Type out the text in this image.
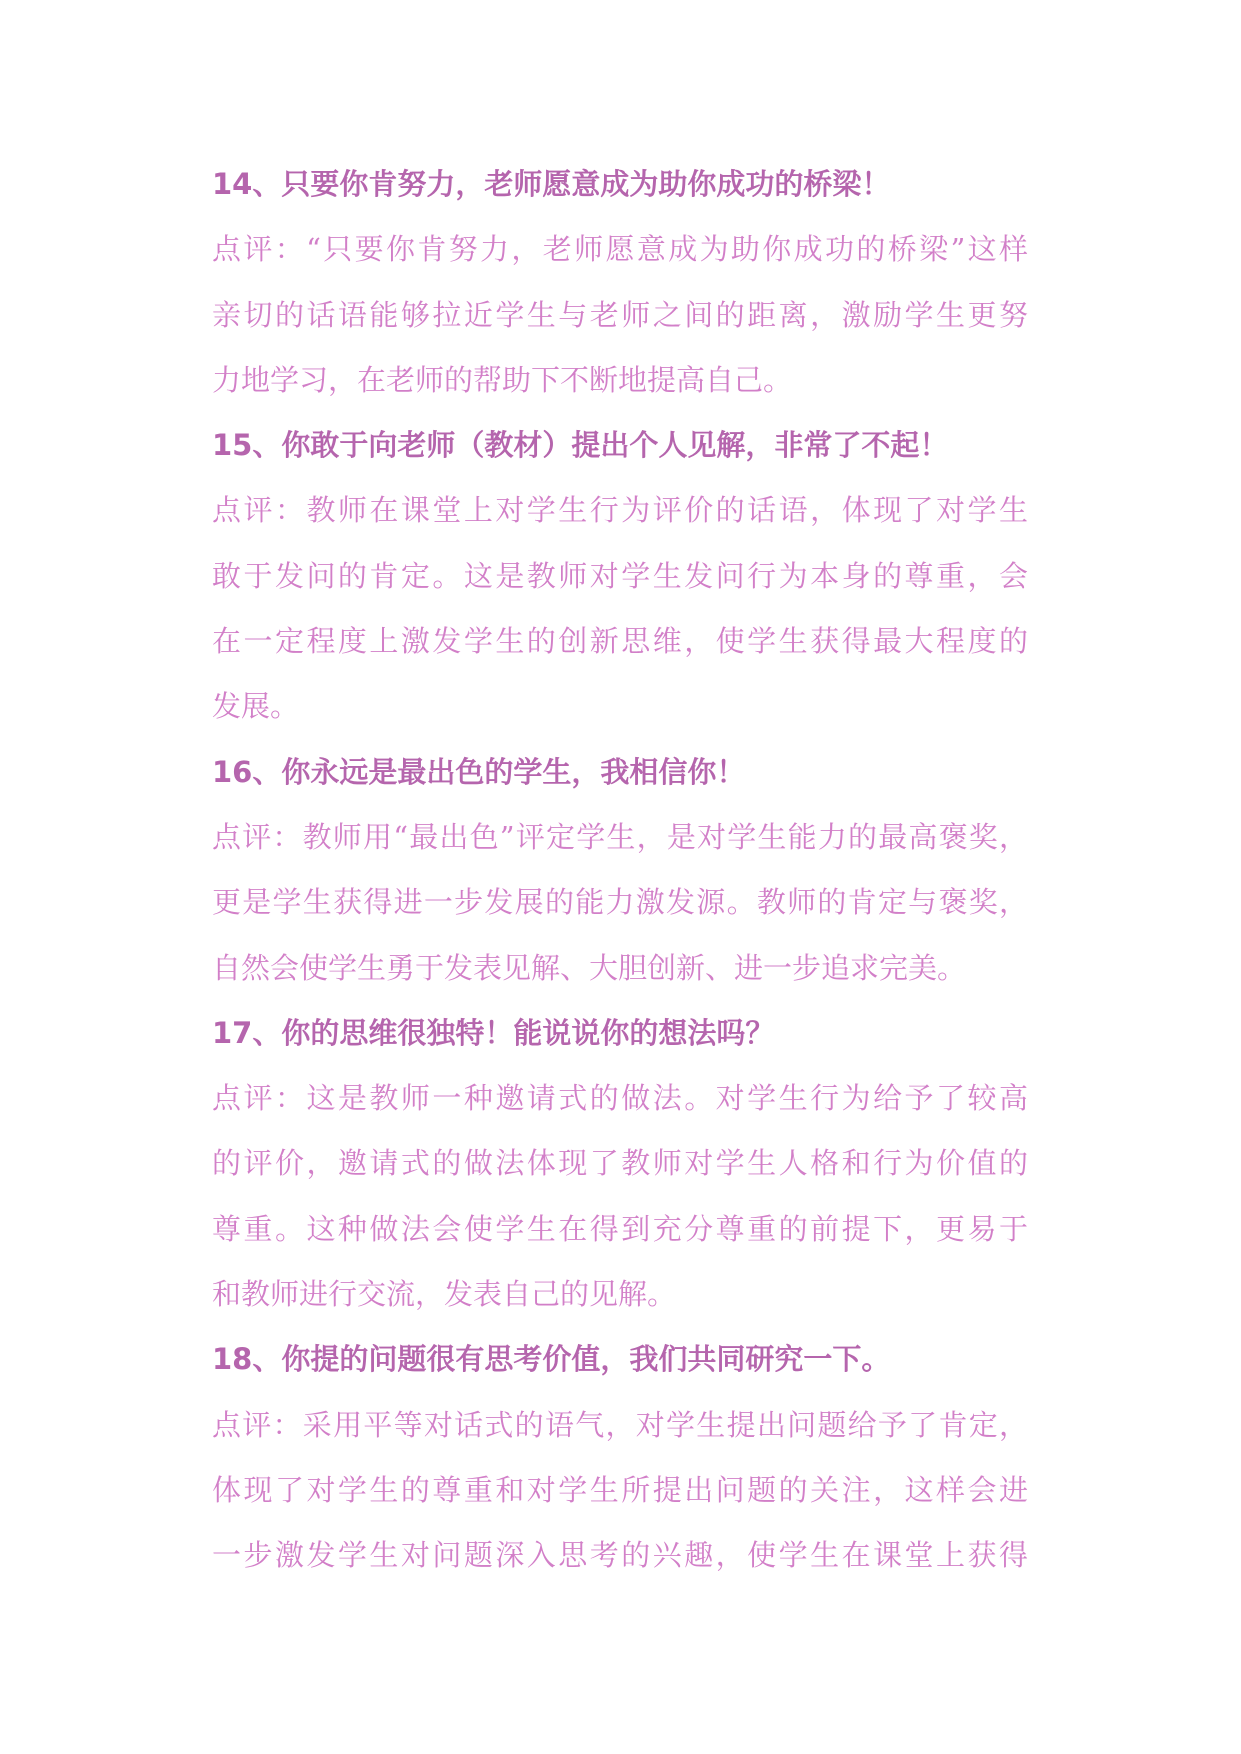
14、只要你肯努力，老师愿意成为助你成功的桥梁！
点评：“只要你肯努力，老师愿意成为助你成功的桥梁”这样
亲切的话语能够拉近学生与老师之间的距离，激励学生更努
力地学习，在老师的帮助下不断地提高自己。
15、你敢于向老师（教材）提出个人见解，非常了不起！
点评：教师在课堂上对学生行为评价的话语，体现了对学生
敢于发问的肯定。这是教师对学生发问行为本身的尊重，会
在一定程度上激发学生的创新思维，使学生获得最大程度的
发展。
16、你永远是最出色的学生，我相信你！
点评：教师用“最出色”评定学生，是对学生能力的最高褒奖，
更是学生获得进一步发展的能力激发源。教师的肯定与褒奖，
自然会使学生勇于发表见解、大胆创新、进一步追求完美。
17、你的思维很独特！能说说你的想法吗？
点评：这是教师一种邀请式的做法。对学生行为给予了较高
的评价，邀请式的做法体现了教师对学生人格和行为价值的
尊重。这种做法会使学生在得到充分尊重的前提下，更易于
和教师进行交流，发表自己的见解。
18、你提的问题很有思考价值，我们共同研究一下。
点评：采用平等对话式的语气，对学生提出问题给予了肯定，
体现了对学生的尊重和对学生所提出问题的关注，这样会进
一步激发学生对问题深入思考的兴趣，使学生在课堂上获得
